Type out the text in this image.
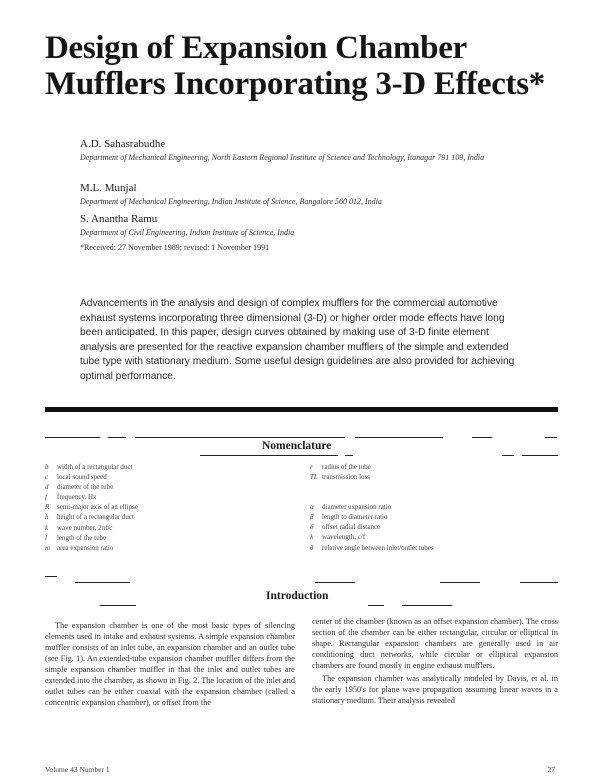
Design of Expansion Chamber
Mufflers Incorporating 3-D Effects*
A.D. Sahasrabudhe
Department of Mechanical Engineering, North Eastern Regional Institute of Science and Technology, Itanagar 791 109, India
M.L. Munjal
Department of Mechanical Engineering, Indian Institute of Science, Bangalore 560 012, India
S. Anantha Ramu
Department of Civil Engineering, Indian Institute of Science, India
*Received: 27 November 1989; revised: 1 November 1991
Advancements in the analysis and design of complex mufflers for the commercial automotive exhaust systems incorporating three dimensional (3-D) or higher order mode effects have long been anticipated. In this paper, design curves obtained by making use of 3-D finite element analysis are presented for the reactive expansion chamber mufflers of the simple and extended tube type with stationary medium. Some useful design guidelines are also provided for achieving optimal performance.
Nomenclature
b	width of a rectangular duct
c	local sound speed
d	diameter of the tube
f	frequency, Hz
R	semi-major axis of an ellipse
h	height of a rectangular duct
k	wave number, 2πf/c
l	length of the tube
m area expansion ratio
r	radius of the tube
TL transmission loss
α	diameter expansion ratio
β	length to diameter ratio
δ	offset radial distance
λ	wavelength, c/f
θ	relative angle between inlet/outlet tubes
Introduction
The expansion chamber is one of the most basic types of silencing elements used in intake and exhaust systems. A simple expansion chamber muffler consists of an inlet tube, an expansion chamber and an outlet tube (see Fig. 1). An extended-tube expansion chamber muffler differs from the simple expansion chamber muffler in that the inlet and outlet tubes are extended into the chamber, as shown in Fig. 2. The location of the inlet and outlet tubes can be either coaxial with the expansion chamber (called a concentric expansion chamber), or offset from the

center of the chamber (known as an offset expansion chamber). The cross section of the chamber can be either rectangular, circular or elliptical in shape. Rectangular expansion chambers are generally used in air conditioning duct networks, while circular or elliptical expansion chambers are found mostly in engine exhaust mufflers.

The expansion chamber was analytically modeled by Davis, et al. in the early 1950's for plane wave propagation assuming linear waves in a stationary medium. Their analysis revealed

Volume 43 Number 1	27
